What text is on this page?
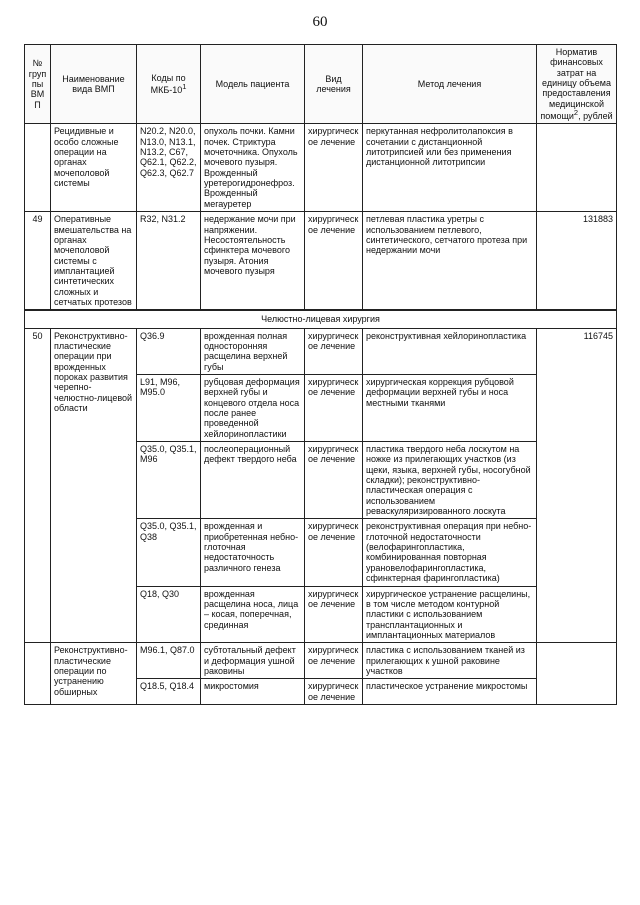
60
№ группы ВМП	Наименование вида ВМП	Коды по МКБ-$10^1$	Модель пациента	Вид лечения	Метод лечения	Норматив финансовых затрат на единицу объема предоставления медицинской помощи$^2$, рублей
	Рецидивные и особо сложные операции на органах мочеполовой системы	N20.2, N20.0, N13.0, N13.1, N13.2, C67, Q62.1, Q62.2, Q62.3, Q62.7	опухоль почки. Камни почек. Стриктура мочеточника. Опухоль мочевого пузыря. Врожденный уретерогидронефроз. Врожденный мегауретер	хирургическое лечение	перкутанная нефролитолапоксия в сочетании с дистанционной литотрипсией или без применения дистанционной литотрипсии	
49	Оперативные вмешательства на органах мочеполовой системы с имплантацией синтетических сложных и сетчатых протезов	R32, N31.2	недержание мочи при напряжении. Несостоятельность сфинктера мочевого пузыря. Атония мочевого пузыря	хирургическое лечение	петлевая пластика уретры с использованием петлевого, синтетического, сетчатого протеза при недержании мочи	131883
Челюстно-лицевая хирургия						
50	Реконструктивно-пластические операции при врожденных пороках развития черепно-челюстно-лицевой области	Q36.9	врожденная полная односторонняя расщелина верхней губы	хирургическое лечение	реконструктивная хейлоринопластика	116745
		L91, M96, M95.0	рубцовая деформация верхней губы и концевого отдела носа после ранее проведенной хейлоринопластики	хирургическое лечение	хирургическая коррекция рубцовой деформации верхней губы и носа местными тканями	
		Q35.0, Q35.1, M96	послеоперационный дефект твердого неба	хирургическое лечение	пластика твердого неба лоскутом на ножке из прилегающих участков (из щеки, языка, верхней губы, носогубной складки); реконструктивно-пластическая операция с использованием реваскуляризированного лоскута	
		Q35.0, Q35.1, Q38	врожденная и приобретенная небно-глоточная недостаточность различного генеза	хирургическое лечение	реконструктивная операция при небно-глоточной недостаточности (велофарингопластика, комбинированная повторная урановелофарингопластика, сфинктерная фарингопластика)	
		Q18, Q30	врожденная расщелина носа, лица – косая, поперечная, срединная	хирургическое лечение	хирургическое устранение расщелины, в том числе методом контурной пластики с использованием трансплантационных и имплантационных материалов	
	Реконструктивно-пластические операции по устранению обширных	M96.1, Q87.0	субтотальный дефект и деформация ушной раковины	хирургическое лечение	пластика с использованием тканей из прилегающих к ушной раковине участков	
		Q18.5, Q18.4	микростомия	хирургическое лечение	пластическое устранение микростомы	
